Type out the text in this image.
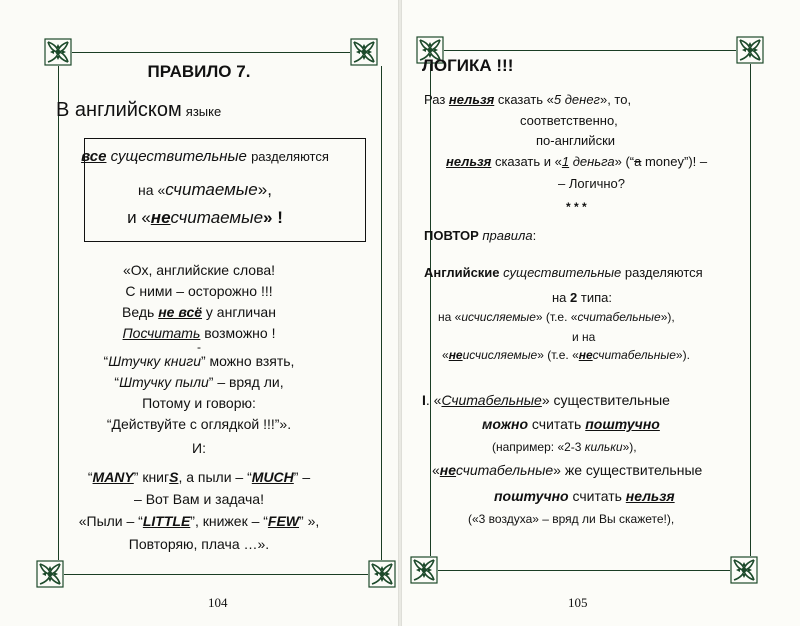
ПРАВИЛО 7.
В английском языке
все существительные разделяются
на «считаемые»,
и «несчитаемые» !
«Ох, английские слова!
С ними – осторожно !!!
Ведь не всё у англичан
Посчитать возможно !
-
“Штучку книги” можно взять,
“Штучку пыли” – вряд ли,
Потому и говорю:
“Действуйте с оглядкой !!!”».
И:
“MANY” книгS, а пыли – “MUCH” –
– Вот Вам и задача!
«Пыли – “LITTLE”, книжек – “FEW” »,
Повторяю, плача …».
104
ЛОГИКА !!!
Раз нельзя сказать «5 денег», то,
соответственно,
по-английски
нельзя сказать и «1 деньга» (“a money”)! –
– Логично?
* * *
ПОВТОР правила:
Английские существительные разделяются
на 2 типа:
на «исчисляемые» (т.е. «считабельные»),
и на
«неисчисляемые» (т.е. «несчитабельные»).
I. «Считабельные» существительные
можно считать поштучно
(например: «2-3 кильки»),
«несчитабельные» же существительные
поштучно считать нельзя
(«3 воздуха» – вряд ли Вы скажете!),
105
